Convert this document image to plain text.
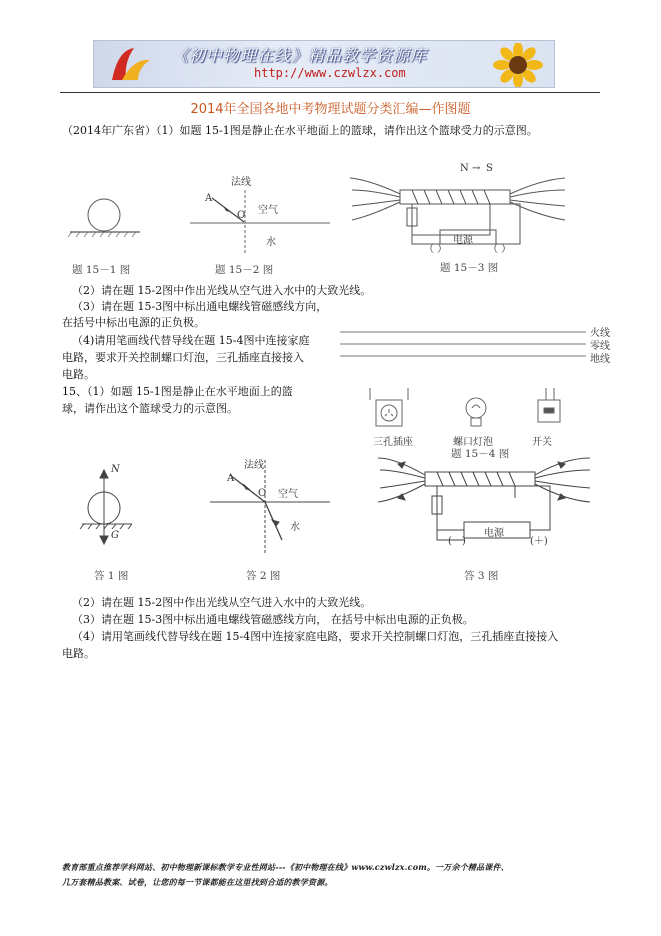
《初中物理在线》精品教学资源库
http://www.czwlzx.com
2014年全国各地中考物理试题分类汇编—作图题
（2014年广东省）（1）如题 15-1图是静止在水平地面上的篮球，请作出这个篮球受力的示意图。
法线
A
O 空气
水
N → S
电源
（ ）	（ ）
题 15－1 图	题 15－2 图	题 15－3 图
（2）请在题 15-2图中作出光线从空气进入水中的大致光线。
（3）请在题 15-3图中标出通电螺线管磁感线方向，
在括号中标出电源的正负极。
（4)请用笔画线代替导线在题 15-4图中连接家庭
电路，要求开关控制螺口灯泡，三孔插座直接接入
电路。
火线
零线
地线
15、（1）如题 15-1图是静止在水平地面上的篮
球，请作出这个篮球受力的示意图。
三孔插座	螺口灯泡	开关
题 15－4 图
N
G
法线
A
O 空气
水
电源
(－)	(＋)
答 1 图	答 2 图	答 3 图
（2）请在题 15-2图中作出光线从空气进入水中的大致光线。
（3）请在题 15-3图中标出通电螺线管磁感线方向， 在括号中标出电源的正负极。
（4）请用笔画线代替导线在题 15-4图中连接家庭电路，要求开关控制螺口灯泡，三孔插座直接接入
电路。
教育部重点推荐学科网站、初中物理新课标教学专业性网站---《初中物理在线》www.czwlzx.com。一万余个精品课件、
几万套精品教案、试卷，让您的每一节课都能在这里找到合适的教学资源。
